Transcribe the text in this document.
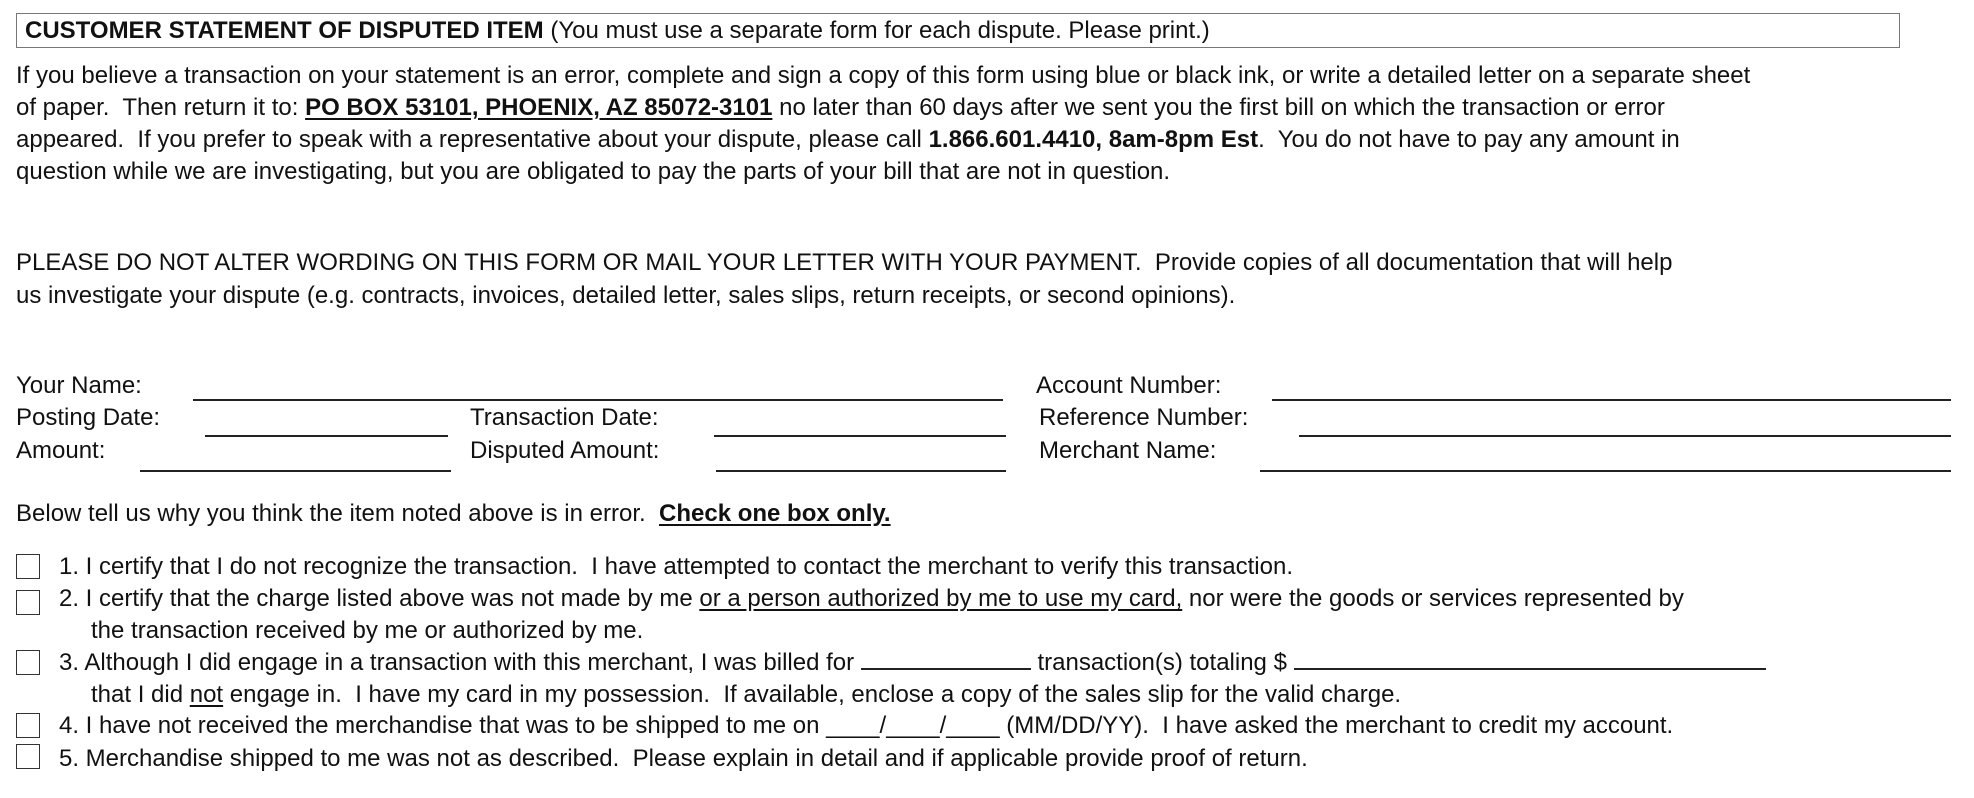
CUSTOMER STATEMENT OF DISPUTED ITEM (You must use a separate form for each dispute. Please print.)
If you believe a transaction on your statement is an error, complete and sign a copy of this form using blue or black ink, or write a detailed letter on a separate sheet
of paper.  Then return it to: PO BOX 53101, PHOENIX, AZ 85072-3101 no later than 60 days after we sent you the first bill on which the transaction or error
appeared.  If you prefer to speak with a representative about your dispute, please call 1.866.601.4410, 8am-8pm Est.  You do not have to pay any amount in
question while we are investigating, but you are obligated to pay the parts of your bill that are not in question.
PLEASE DO NOT ALTER WORDING ON THIS FORM OR MAIL YOUR LETTER WITH YOUR PAYMENT.  Provide copies of all documentation that will help
us investigate your dispute (e.g. contracts, invoices, detailed letter, sales slips, return receipts, or second opinions).
Your Name:	Account Number:
Posting Date:	Transaction Date:	Reference Number:
Amount:	Disputed Amount:	Merchant Name:
Below tell us why you think the item noted above is in error.  Check one box only.
1. I certify that I do not recognize the transaction.  I have attempted to contact the merchant to verify this transaction.
2. I certify that the charge listed above was not made by me or a person authorized by me to use my card, nor were the goods or services represented by
the transaction received by me or authorized by me.
3. Although I did engage in a transaction with this merchant, I was billed for	transaction(s) totaling $
that I did not engage in.  I have my card in my possession.  If available, enclose a copy of the sales slip for the valid charge.
4. I have not received the merchandise that was to be shipped to me on ____/____/____ (MM/DD/YY).  I have asked the merchant to credit my account.
5. Merchandise shipped to me was not as described.  Please explain in detail and if applicable provide proof of return.
